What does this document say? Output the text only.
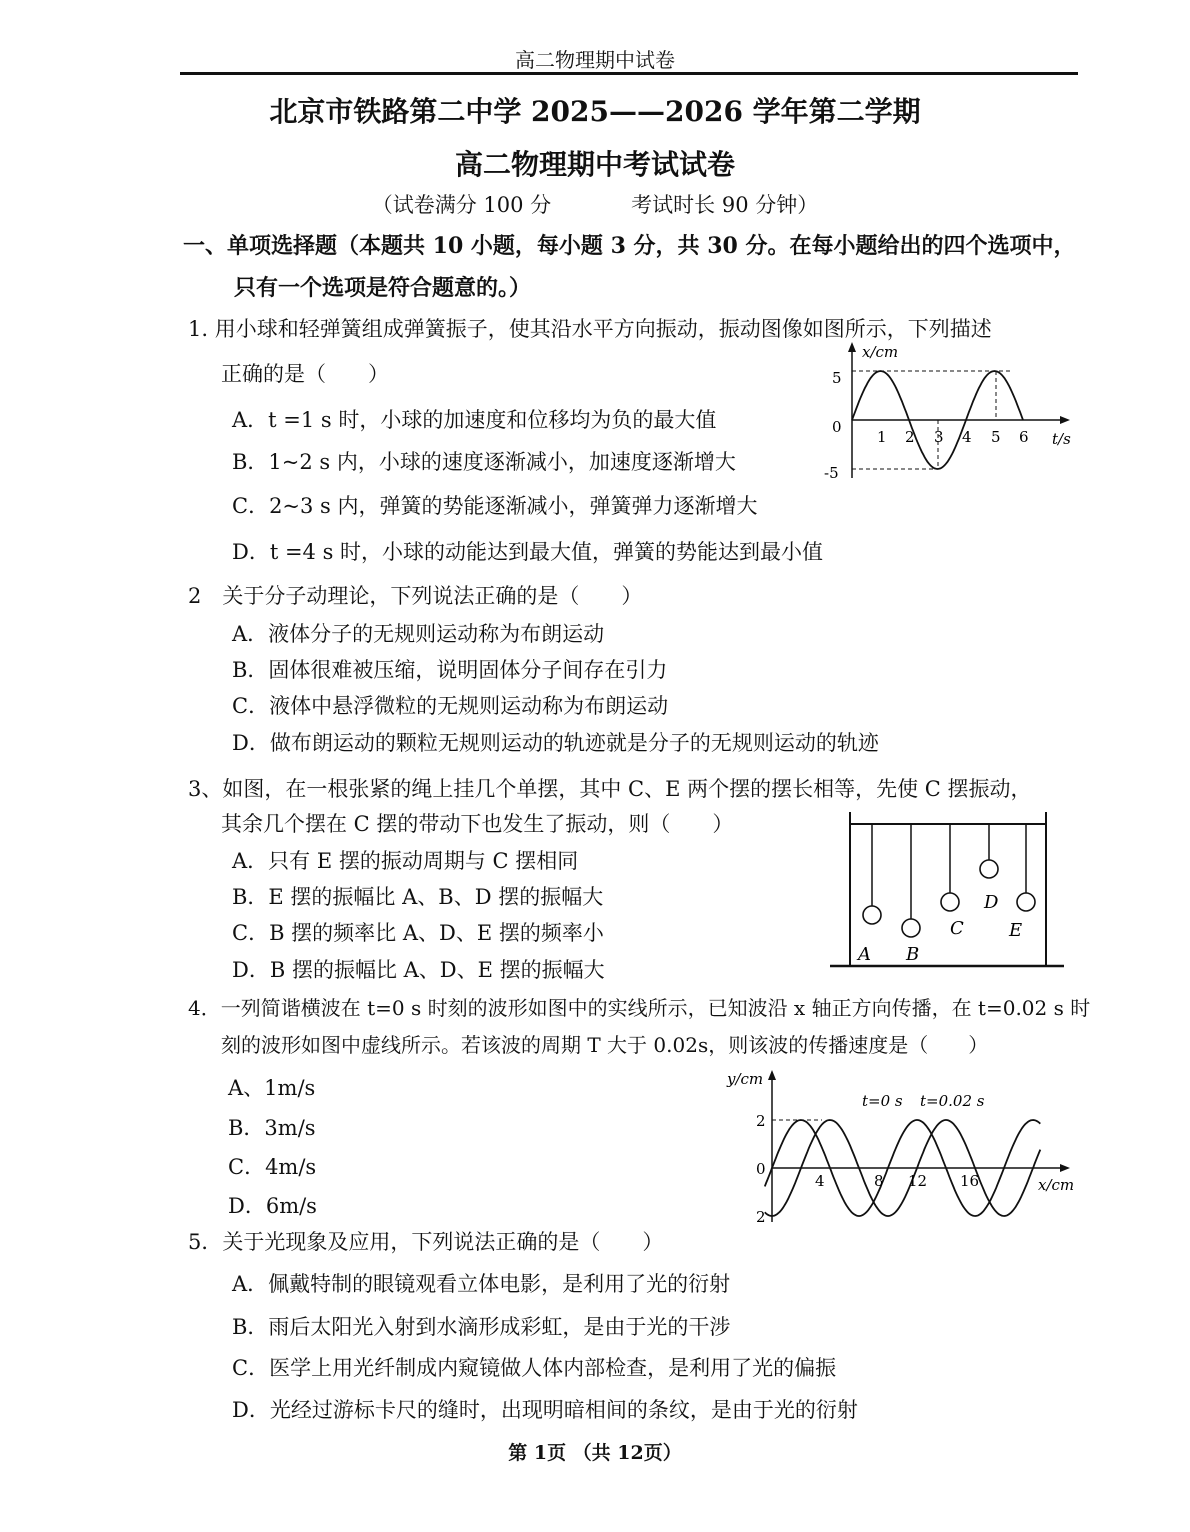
高二物理期中试卷
北京市铁路第二中学 2025——2026 学年第二学期
高二物理期中考试试卷
（试卷满分 100 分	考试时长 90 分钟）
一、单项选择题（本题共 10 小题，每小题 3 分，共 30 分。在每小题给出的四个选项中，
只有一个选项是符合题意的。）
1. 用小球和轻弹簧组成弹簧振子，使其沿水平方向振动，振动图像如图所示，下列描述
正确的是（　　）
A．t =1 s 时，小球的加速度和位移均为负的最大值
B．1~2 s 内，小球的速度逐渐减小，加速度逐渐增大
C．2~3 s 内，弹簧的势能逐渐减小，弹簧弹力逐渐增大
D．t =4 s 时，小球的动能达到最大值，弹簧的势能达到最小值
x/cm
t/s
5
0
-5
1 2 3 4 5 6
2　关于分子动理论，下列说法正确的是（　　）
A．液体分子的无规则运动称为布朗运动
B．固体很难被压缩，说明固体分子间存在引力
C．液体中悬浮微粒的无规则运动称为布朗运动
D．做布朗运动的颗粒无规则运动的轨迹就是分子的无规则运动的轨迹
3、如图，在一根张紧的绳上挂几个单摆，其中 C、E 两个摆的摆长相等，先使 C 摆振动，
其余几个摆在 C 摆的带动下也发生了振动，则（　　）
A．只有 E 摆的振动周期与 C 摆相同
B．E 摆的振幅比 A、B、D 摆的振幅大
C．B 摆的频率比 A、D、E 摆的频率小
D．B 摆的振幅比 A、D、E 摆的振幅大
A B
C
D
E
4．一列简谐横波在 t=0 s 时刻的波形如图中的实线所示，已知波沿 x 轴正方向传播，在 t=0.02 s 时
刻的波形如图中虚线所示。若该波的周期 T 大于 0.02s，则该波的传播速度是（　　）
A、1m/s
B．3m/s
C．4m/s
D．6m/s
y/cm
x/cm
t=0 s t=0.02 s
2
0
2
4	8 12 16
5．关于光现象及应用，下列说法正确的是（　　）
A．佩戴特制的眼镜观看立体电影，是利用了光的衍射
B．雨后太阳光入射到水滴形成彩虹，是由于光的干涉
C．医学上用光纤制成内窥镜做人体内部检查，是利用了光的偏振
D．光经过游标卡尺的缝时，出现明暗相间的条纹，是由于光的衍射
第 1页 （共 12页）
